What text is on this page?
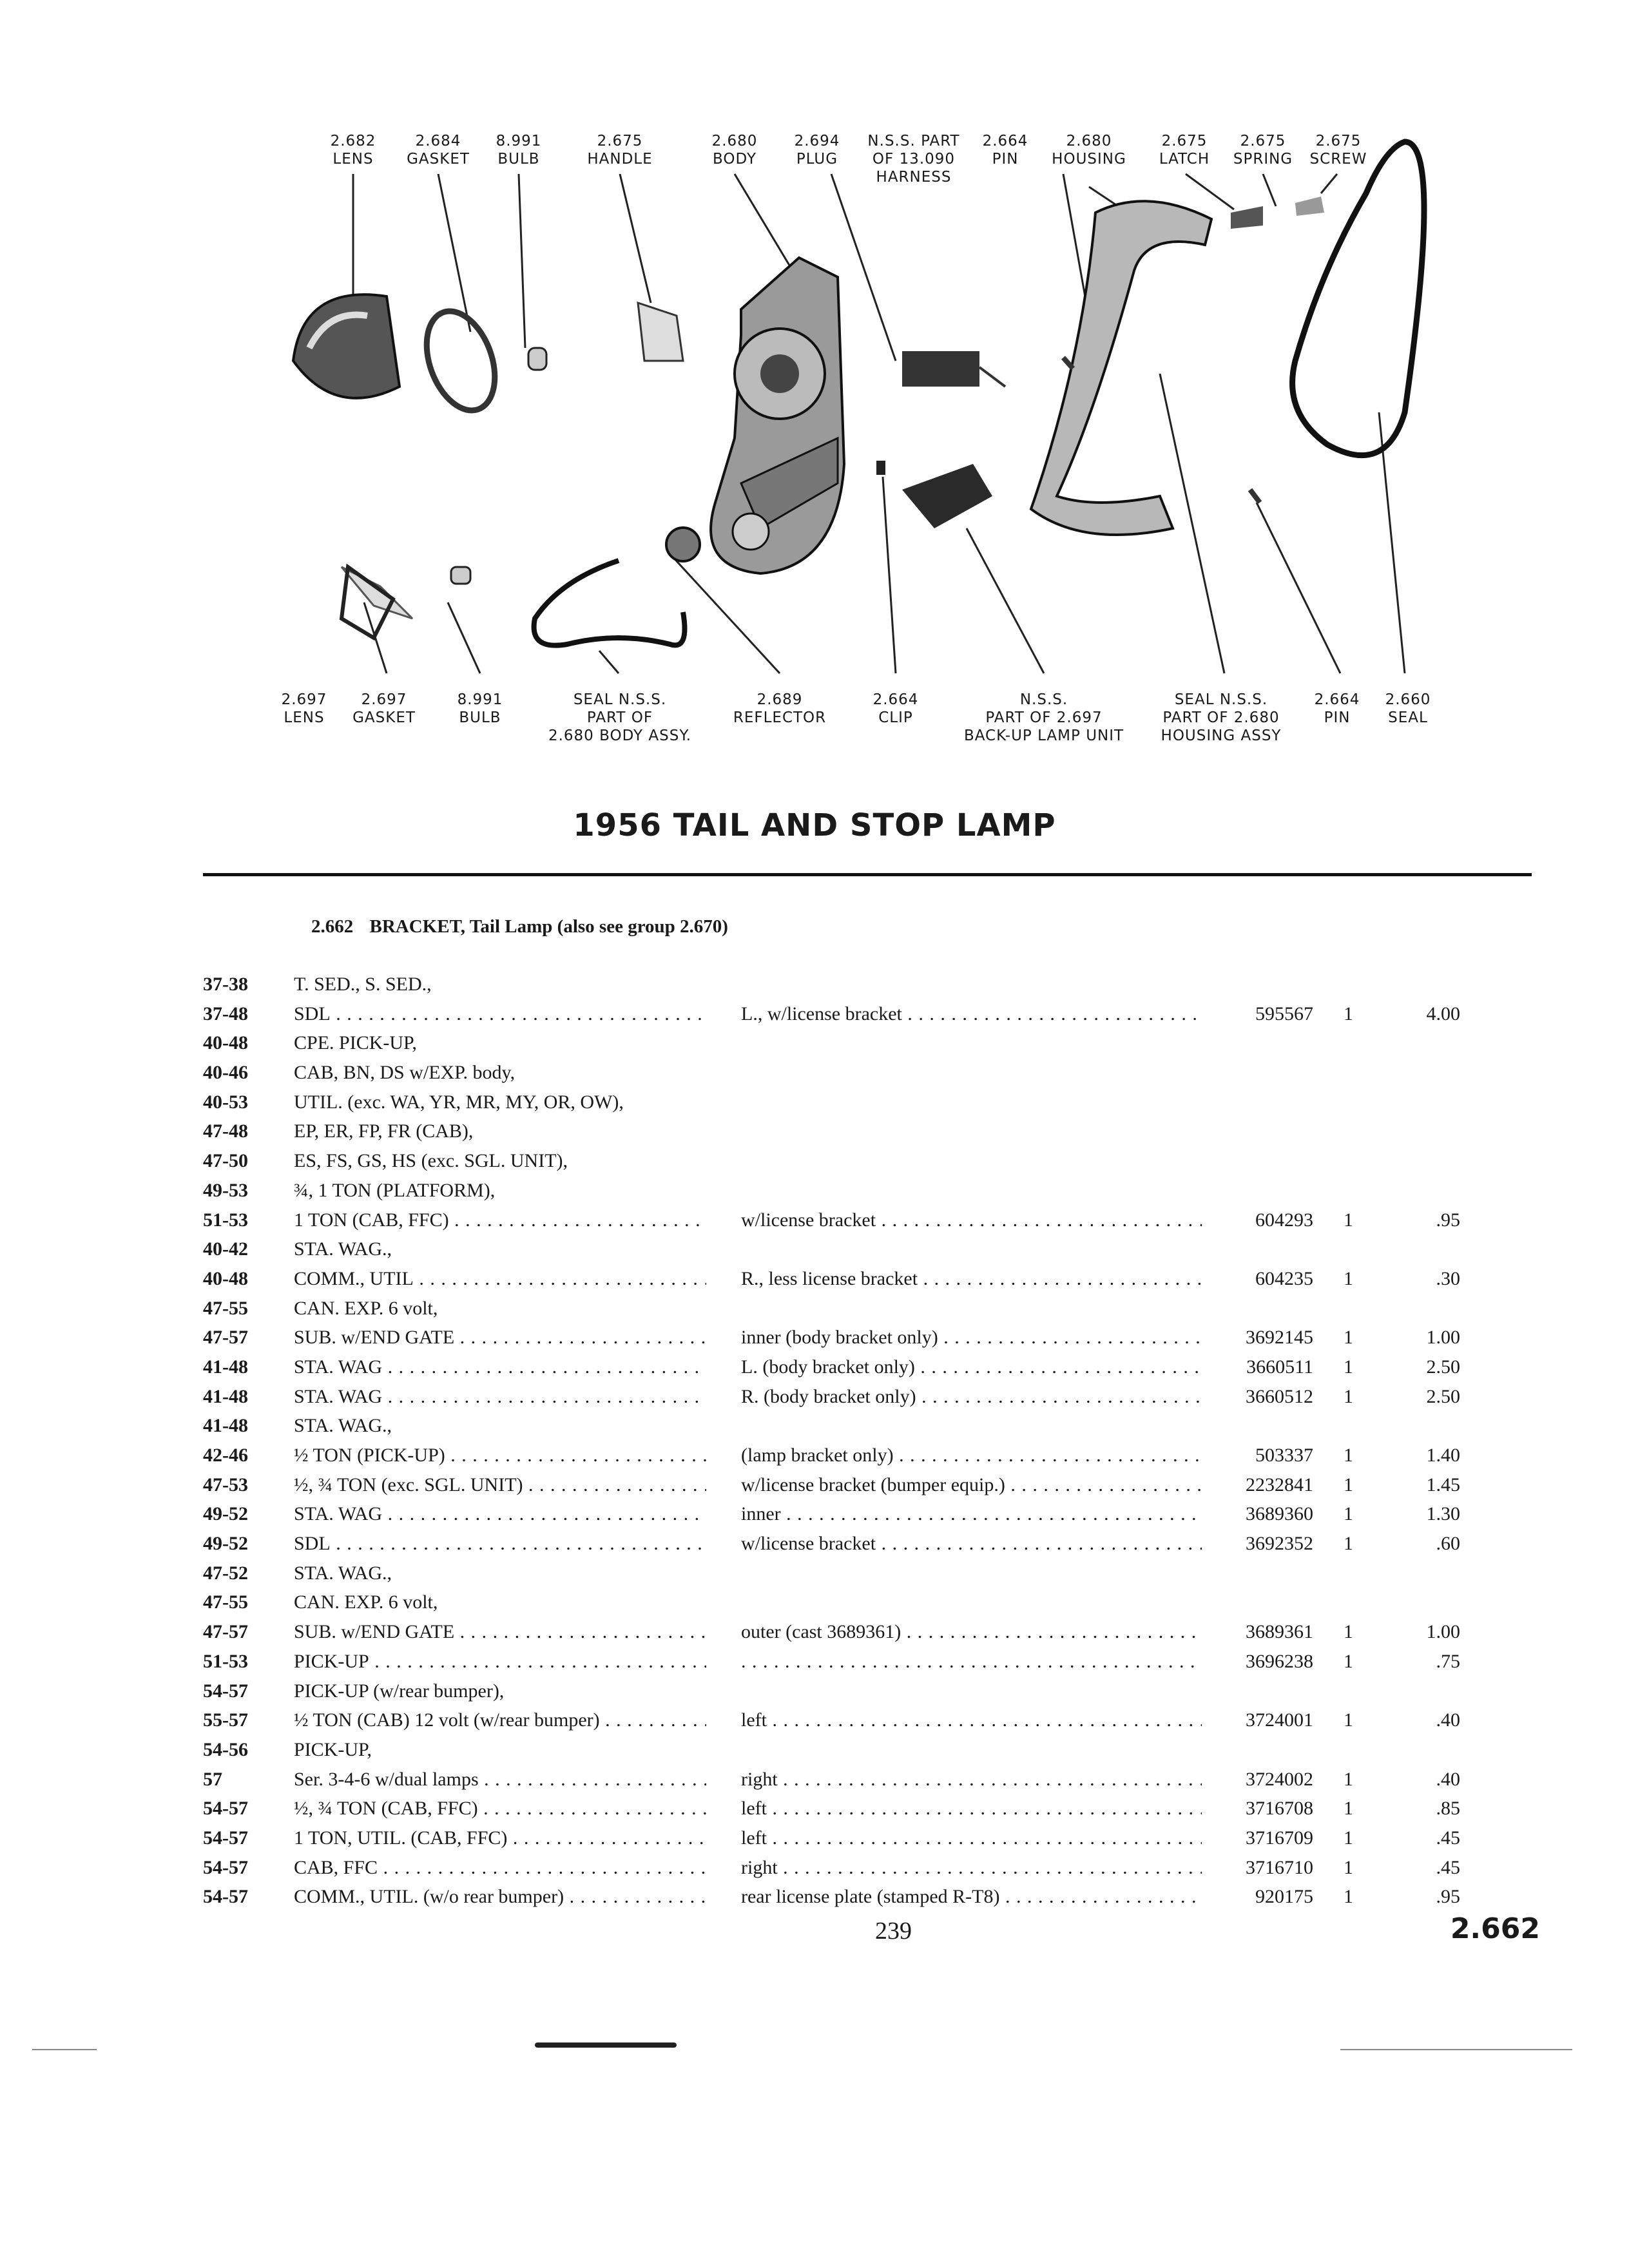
2.682
LENS
2.684
GASKET
8.991
BULB
2.675
HANDLE
2.680
BODY
2.694
PLUG
N.S.S. PART
OF 13.090
HARNESS
2.664
PIN
2.680
HOUSING
2.675
LATCH
2.675
SPRING
2.675
SCREW
2.697
LENS
2.697
GASKET
8.991
BULB
SEAL N.S.S.
PART OF
2.680 BODY ASSY.
2.689
REFLECTOR
2.664
CLIP
N.S.S.
PART OF 2.697
BACK-UP LAMP UNIT
SEAL N.S.S.
PART OF 2.680
HOUSING ASSY
2.664
PIN
2.660
SEAL
1956 TAIL AND STOP LAMP
2.662 BRACKET, Tail Lamp (also see group 2.670)
37-38 T. SED., S. SED.,
37-48 SDL . . .	L., w/license bracket . . .	595567 1	4.00
40-48 CPE. PICK-UP,
40-46 CAB, BN, DS w/EXP. body,
40-53 UTIL. (exc. WA, YR, MR, MY, OR, OW),
47-48 EP, ER, FP, FR (CAB),
47-50 ES, FS, GS, HS (exc. SGL. UNIT),
49-53 ¾, 1 TON (PLATFORM),
51-53 1 TON (CAB, FFC) . . .	w/license bracket . . .	604293 1	.95
40-42 STA. WAG.,
40-48 COMM., UTIL . . .	R., less license bracket . . .	604235 1	.30
47-55 CAN. EXP. 6 volt,
47-57 SUB. w/END GATE . . .	inner (body bracket only) . . .	3692145 1	1.00
41-48 STA. WAG . . .	L. (body bracket only) . . .	3660511 1	2.50
41-48 STA. WAG . . .	R. (body bracket only) . . .	3660512 1	2.50
41-48 STA. WAG.,
42-46 ½ TON (PICK-UP) . . .	(lamp bracket only) . . .	503337 1	1.40
47-53 ½, ¾ TON (exc. SGL. UNIT) . . .	w/license bracket (bumper equip.) . . .	2232841 1	1.45
49-52 STA. WAG . . .	inner . . .	3689360 1	1.30
49-52 SDL . . .	w/license bracket . . .	3692352 1	.60
47-52 STA. WAG.,
47-55 CAN. EXP. 6 volt,
47-57 SUB. w/END GATE . . .	outer (cast 3689361) . . .	3689361 1	1.00
51-53 PICK-UP . . .
. . .	3696238 1	.75
54-57 PICK-UP (w/rear bumper),
55-57 ½ TON (CAB) 12 volt (w/rear bumper) . . .	left . . .	3724001 1	.40
54-56 PICK-UP,
57	Ser. 3-4-6 w/dual lamps . . .	right . . .	3724002 1	.40
54-57 ½, ¾ TON (CAB, FFC) . . .	left . . .	3716708 1	.85
54-57 1 TON, UTIL. (CAB, FFC) . . .	left . . .	3716709 1	.45
54-57 CAB, FFC . . .	right . . .	3716710 1	.45
54-57 COMM., UTIL. (w/o rear bumper) . . .	rear license plate (stamped R-T8) . . .	920175 1	.95
239	2.662
